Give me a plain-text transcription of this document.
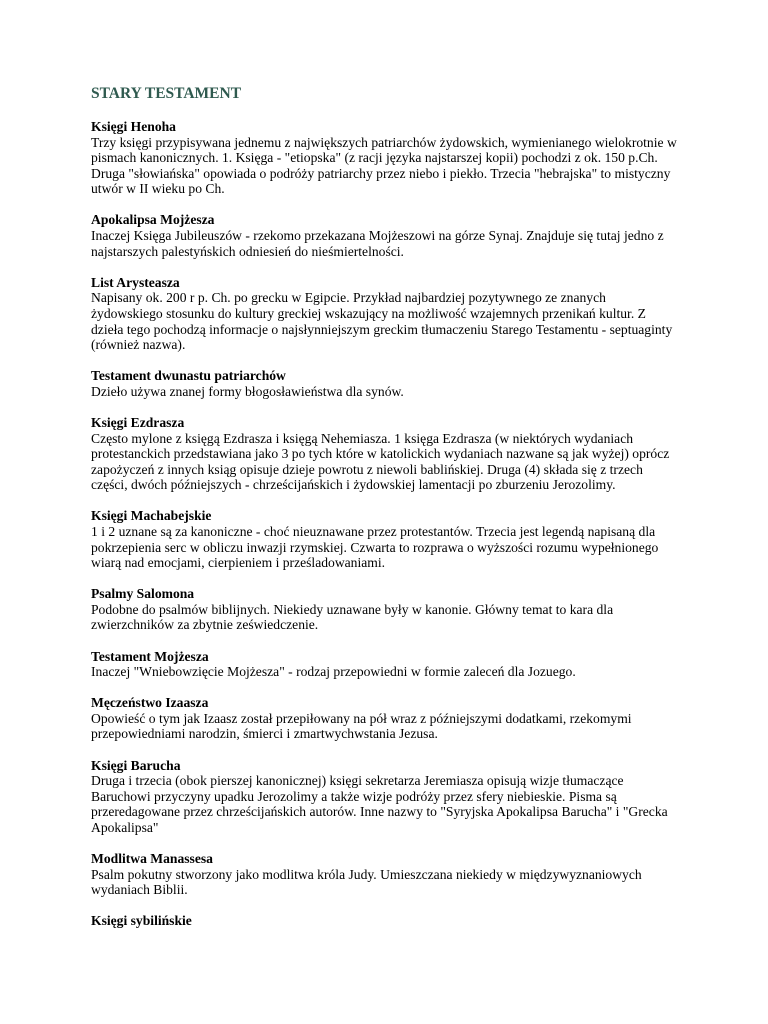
STARY TESTAMENT
Księgi Henoha
Trzy księgi przypisywana jednemu z największych patriarchów żydowskich, wymienianego wielokrotnie w pismach kanonicznych. 1. Księga - "etiopska" (z racji języka najstarszej kopii) pochodzi z ok. 150 p.Ch. Druga "słowiańska" opowiada o podróży patriarchy przez niebo i piekło. Trzecia "hebrajska" to mistyczny utwór w II wieku po Ch.
Apokalipsa Mojżesza
Inaczej Księga Jubileuszów - rzekomo przekazana Mojżeszowi na górze Synaj. Znajduje się tutaj jedno z najstarszych palestyńskich odniesień do nieśmiertelności.
List Arysteasza
Napisany ok. 200 r p. Ch. po grecku w Egipcie. Przykład najbardziej pozytywnego ze znanych żydowskiego stosunku do kultury greckiej wskazujący na możliwość wzajemnych przenikań kultur. Z dzieła tego pochodzą informacje o najsłynniejszym greckim tłumaczeniu Starego Testamentu - septuaginty (również nazwa).
Testament dwunastu patriarchów
Dzieło używa znanej formy błogosławieństwa dla synów.
Księgi Ezdrasza
Często mylone z księgą Ezdrasza i księgą Nehemiasza. 1 księga Ezdrasza (w niektórych wydaniach protestanckich przedstawiana jako 3 po tych które w katolickich wydaniach nazwane są jak wyżej) oprócz zapożyczeń z innych ksiąg opisuje dzieje powrotu z niewoli bablińskiej. Druga (4) składa się z trzech części, dwóch późniejszych - chrześcijańskich i żydowskiej lamentacji po zburzeniu Jerozolimy.
Księgi Machabejskie
1 i 2 uznane są za kanoniczne - choć nieuznawane przez protestantów. Trzecia jest legendą napisaną dla pokrzepienia serc w obliczu inwazji rzymskiej. Czwarta to rozprawa o wyższości rozumu wypełnionego wiarą nad emocjami, cierpieniem i prześladowaniami.
Psalmy Salomona
Podobne do psalmów biblijnych. Niekiedy uznawane były w kanonie. Główny temat to kara dla zwierzchników za zbytnie zeświedczenie.
Testament Mojżesza
Inaczej "Wniebowzięcie Mojżesza" - rodzaj przepowiedni w formie zaleceń dla Jozuego.
Męczeństwo Izaasza
Opowieść o tym jak Izaasz został przepiłowany na pół wraz z późniejszymi dodatkami, rzekomymi przepowiedniami narodzin, śmierci i zmartwychwstania Jezusa.
Księgi Barucha
Druga i trzecia (obok pierszej kanonicznej) księgi sekretarza Jeremiasza opisują wizje tłumaczące Baruchowi przyczyny upadku Jerozolimy a także wizje podróży przez sfery niebieskie. Pisma są przeredagowane przez chrześcijańskich autorów. Inne nazwy to "Syryjska Apokalipsa Barucha" i "Grecka Apokalipsa"
Modlitwa Manassesa
Psalm pokutny stworzony jako modlitwa króla Judy. Umieszczana niekiedy w międzywyznaniowych wydaniach Biblii.
Księgi sybilińskie
